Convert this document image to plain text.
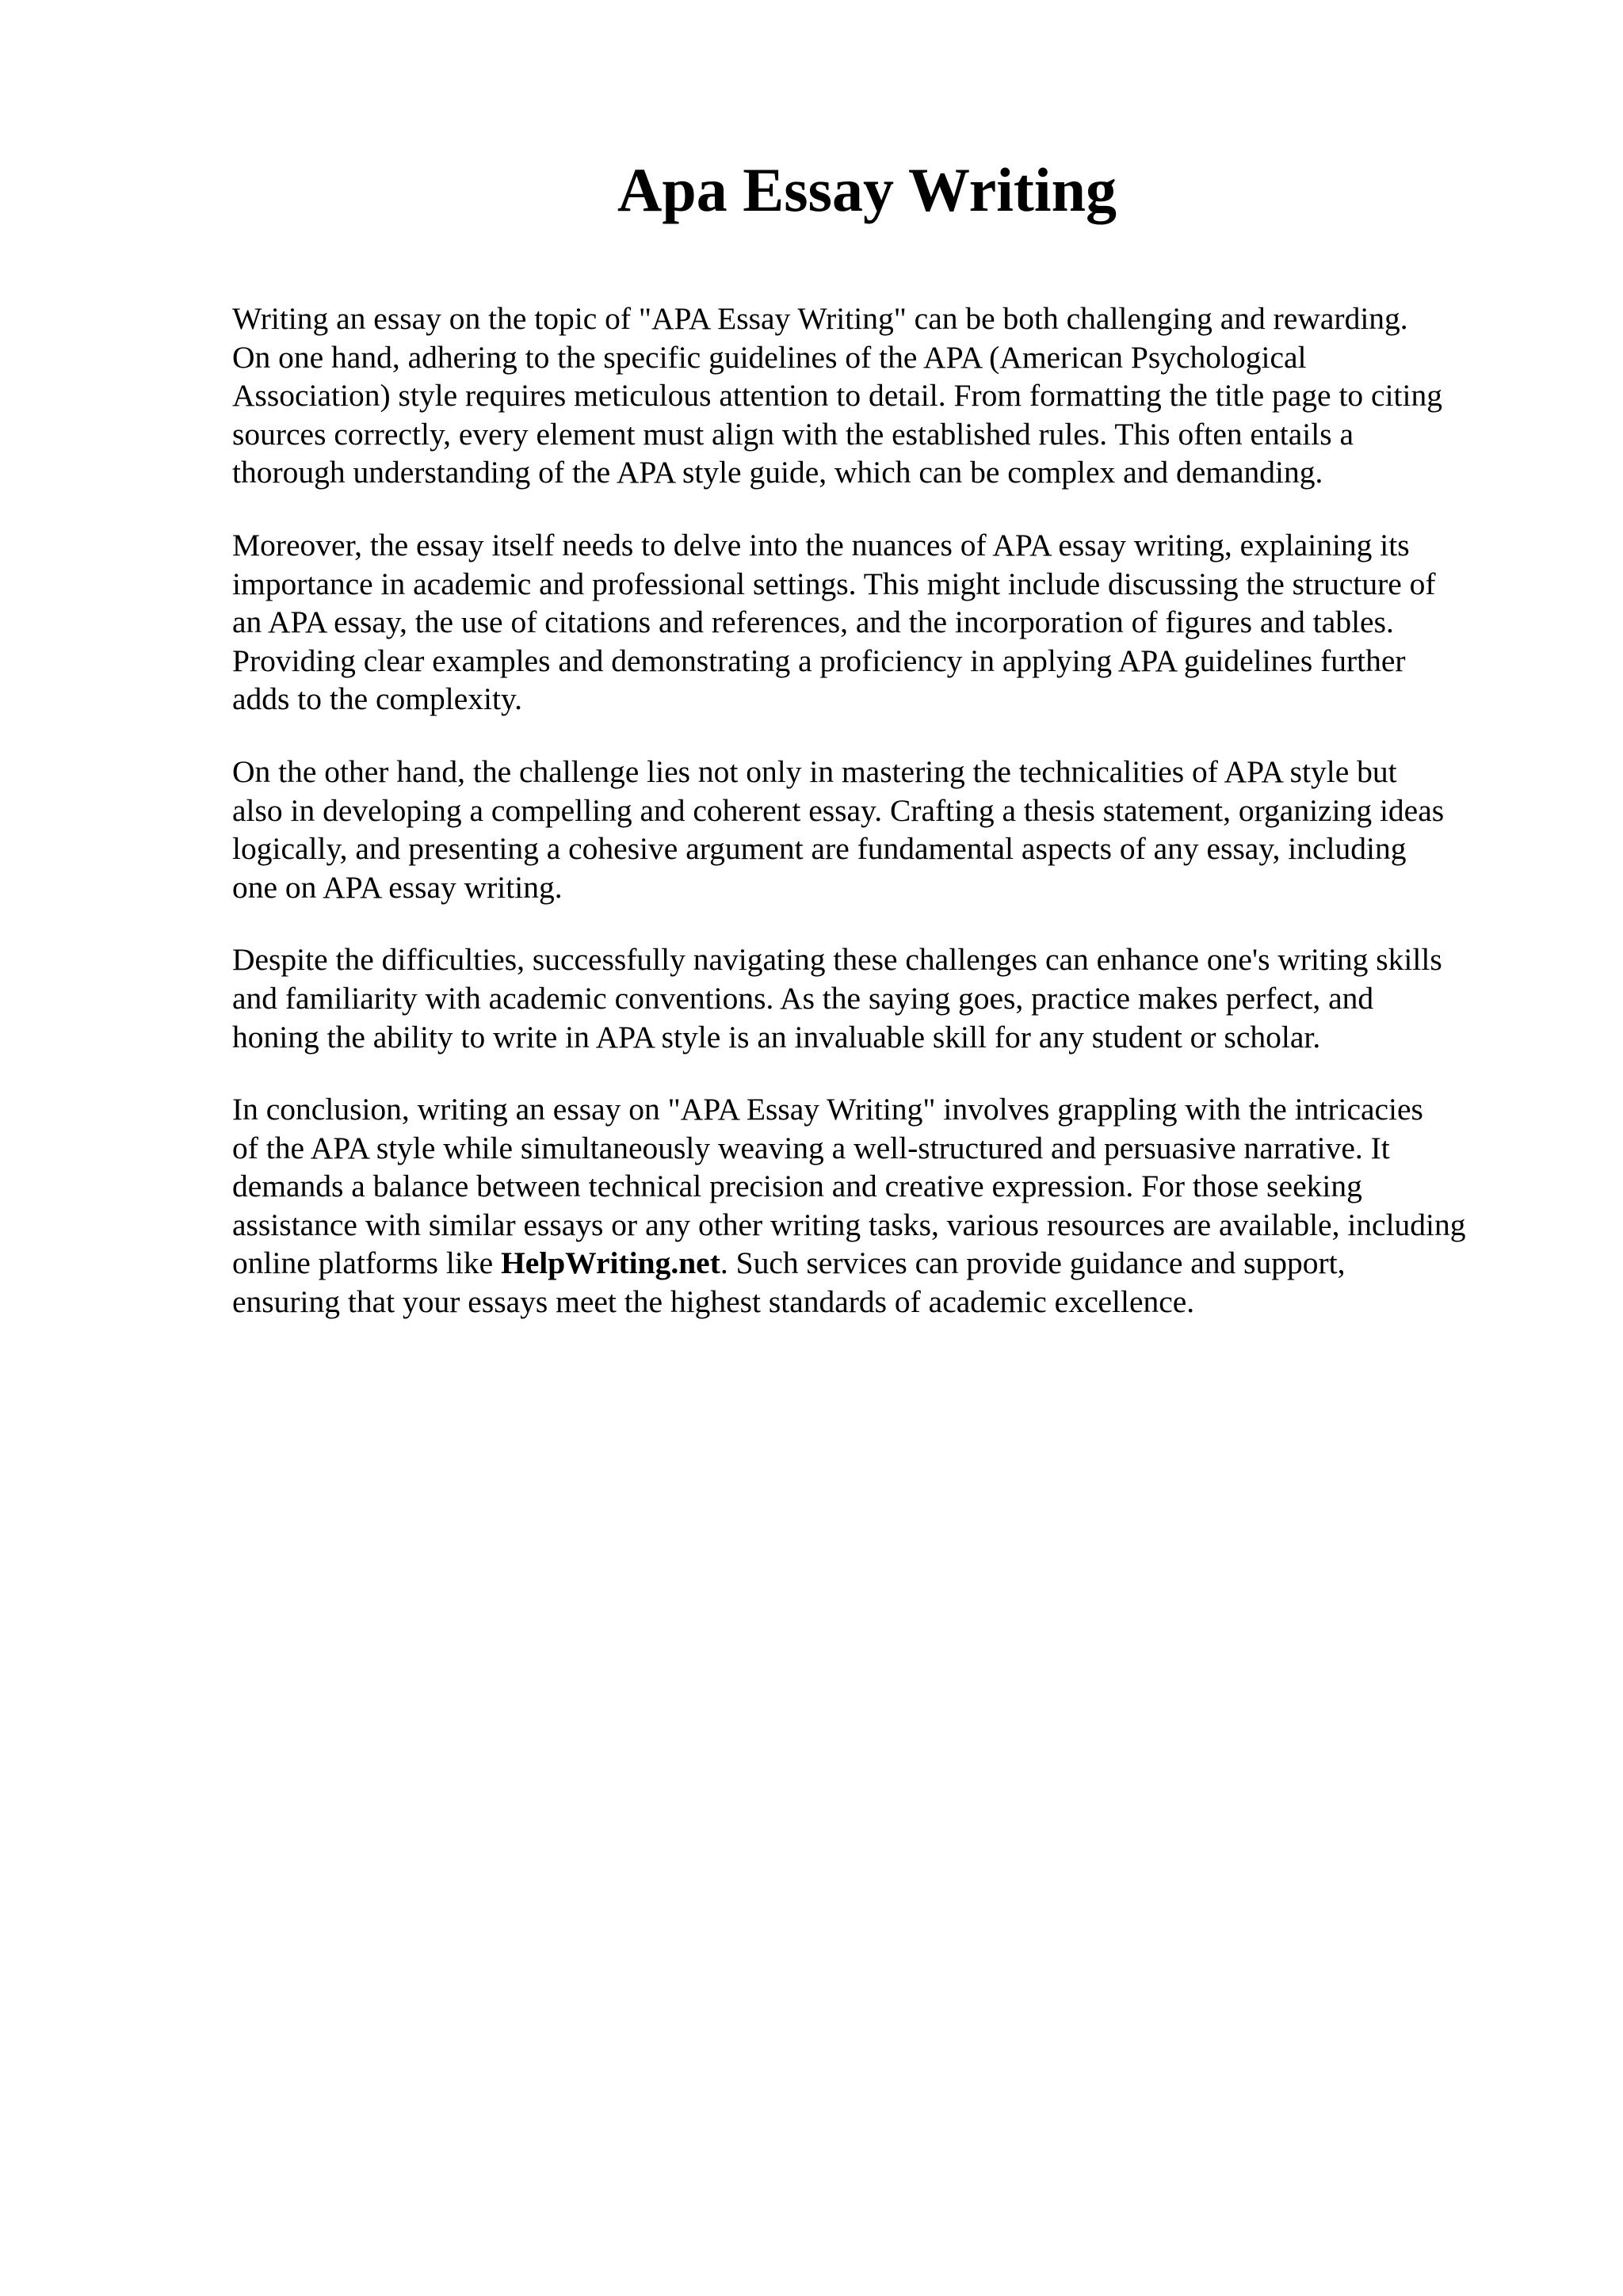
Apa Essay Writing

Writing an essay on the topic of "APA Essay Writing" can be both challenging and rewarding.
On one hand, adhering to the specific guidelines of the APA (American Psychological
Association) style requires meticulous attention to detail. From formatting the title page to citing
sources correctly, every element must align with the established rules. This often entails a
thorough understanding of the APA style guide, which can be complex and demanding.

Moreover, the essay itself needs to delve into the nuances of APA essay writing, explaining its
importance in academic and professional settings. This might include discussing the structure of
an APA essay, the use of citations and references, and the incorporation of figures and tables.
Providing clear examples and demonstrating a proficiency in applying APA guidelines further
adds to the complexity.

On the other hand, the challenge lies not only in mastering the technicalities of APA style but
also in developing a compelling and coherent essay. Crafting a thesis statement, organizing ideas
logically, and presenting a cohesive argument are fundamental aspects of any essay, including
one on APA essay writing.

Despite the difficulties, successfully navigating these challenges can enhance one's writing skills
and familiarity with academic conventions. As the saying goes, practice makes perfect, and
honing the ability to write in APA style is an invaluable skill for any student or scholar.

In conclusion, writing an essay on "APA Essay Writing" involves grappling with the intricacies
of the APA style while simultaneously weaving a well-structured and persuasive narrative. It
demands a balance between technical precision and creative expression. For those seeking
assistance with similar essays or any other writing tasks, various resources are available, including
online platforms like HelpWriting.net. Such services can provide guidance and support,
ensuring that your essays meet the highest standards of academic excellence.
